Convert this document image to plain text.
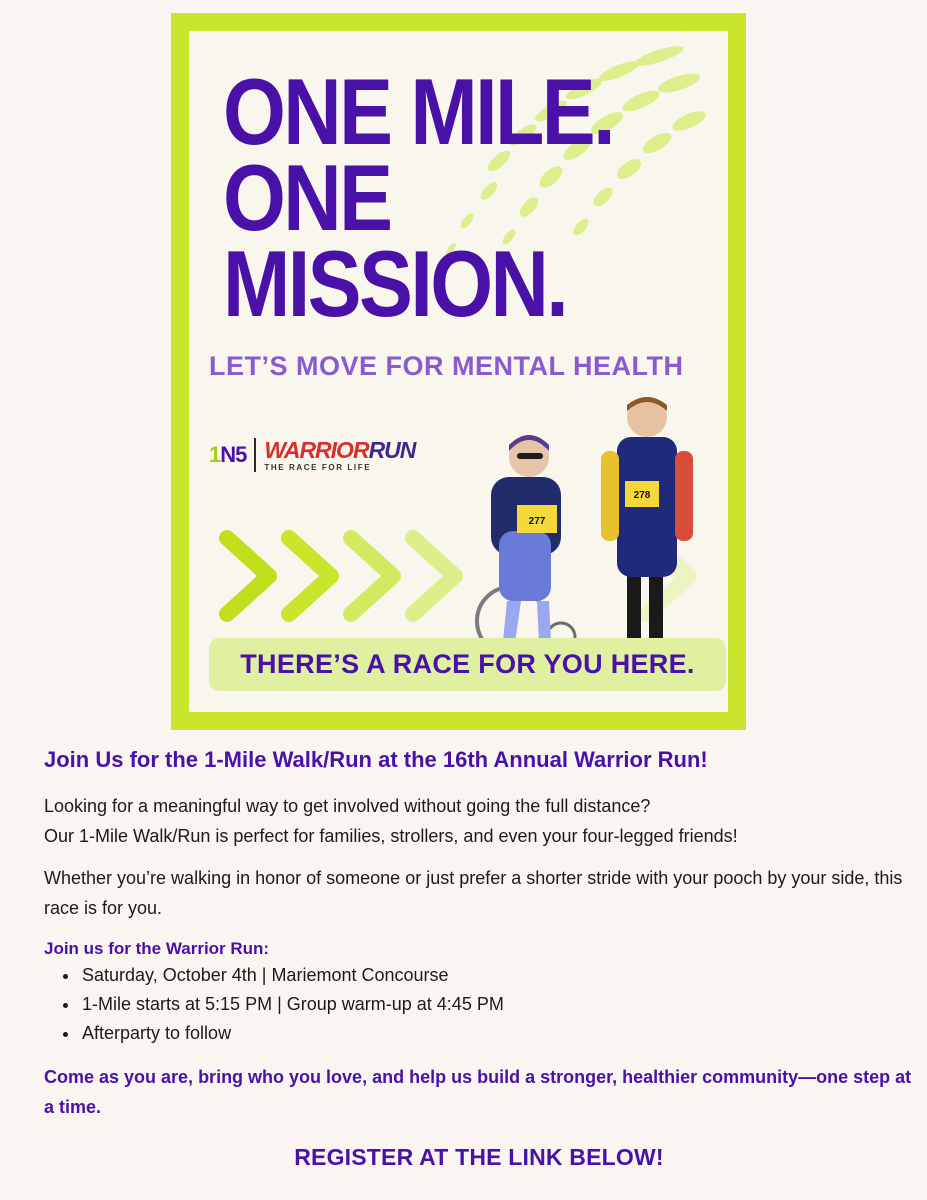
ONE MILE.
ONE
MISSION.
LET’S MOVE FOR MENTAL HEALTH
1N5 WARRIORRUN
THE RACE FOR LIFE
277
278
THERE’S A RACE FOR YOU HERE.
Join Us for the 1-Mile Walk/Run at the 16th Annual Warrior Run!

Looking for a meaningful way to get involved without going the full distance?
Our 1-Mile Walk/Run is perfect for families, strollers, and even your four-legged friends!

Whether you’re walking in honor of someone or just prefer a shorter stride with your pooch by your side, this race is for you.

Join us for the Warrior Run:

• Saturday, October 4th | Mariemont Concourse
• 1-Mile starts at 5:15 PM | Group warm-up at 4:45 PM
• Afterparty to follow

Come as you are, bring who you love, and help us build a stronger, healthier community—one step at a time.

REGISTER AT THE LINK BELOW!
